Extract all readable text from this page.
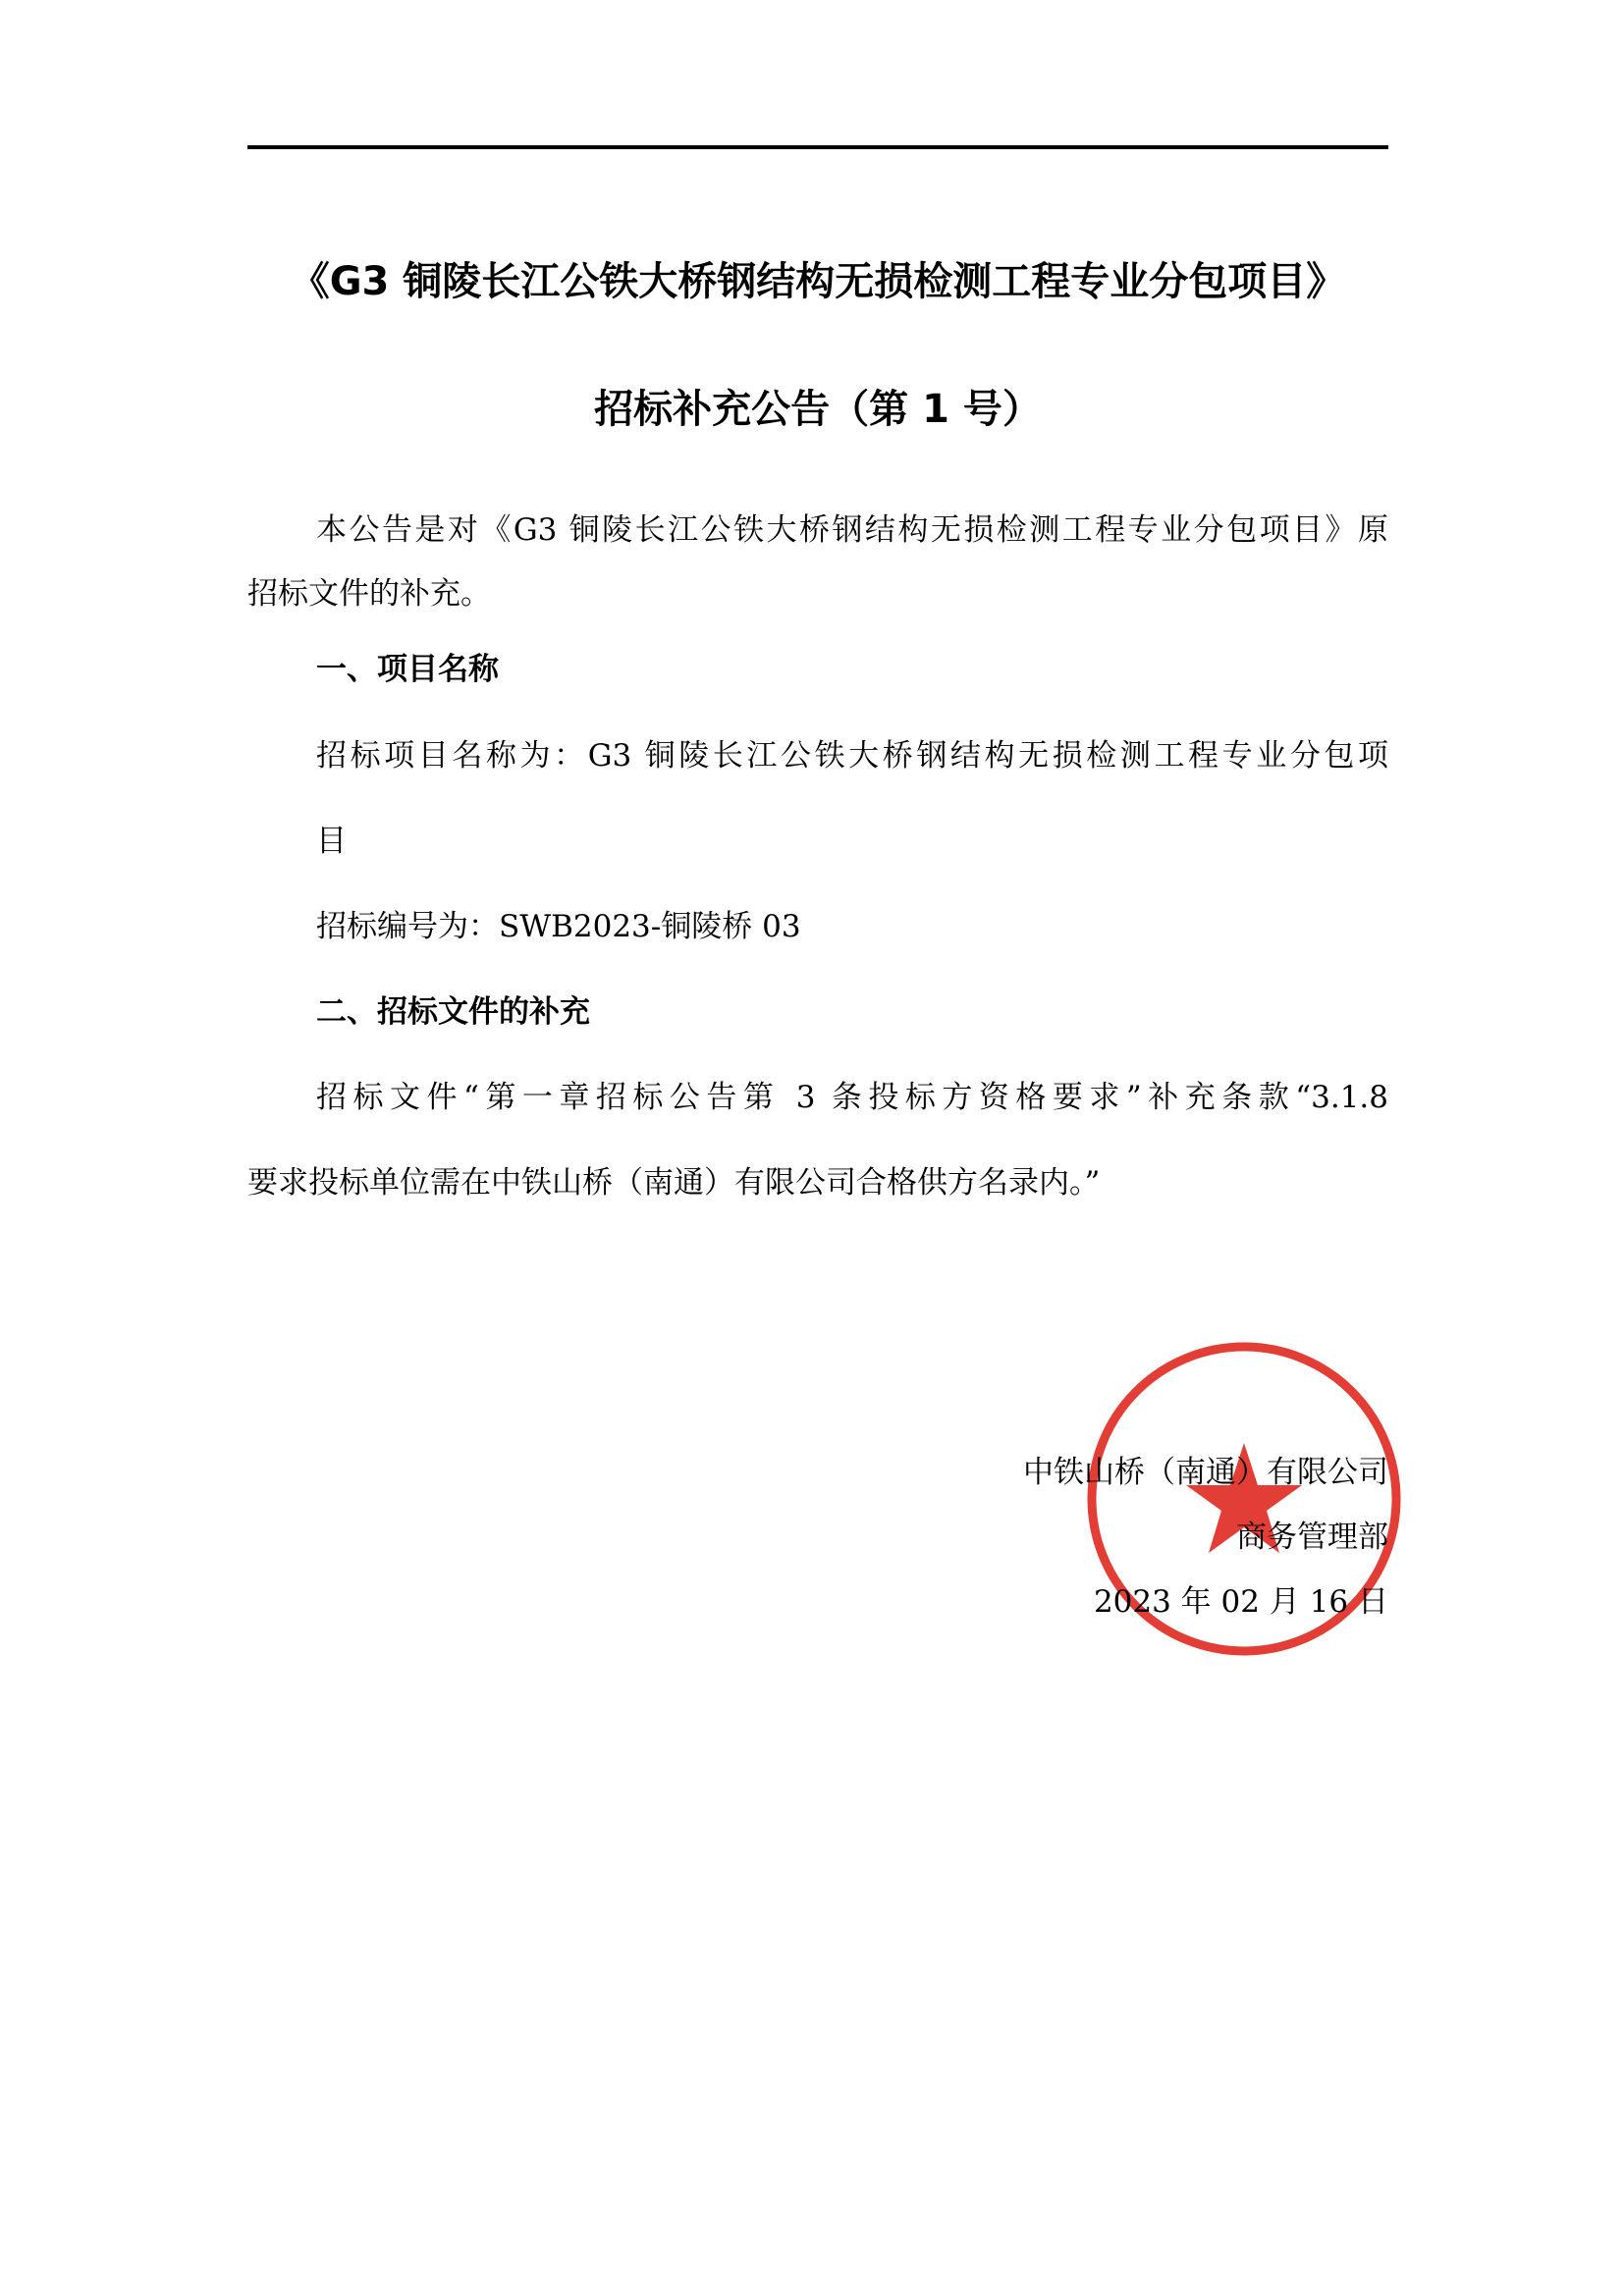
《G3 铜陵长江公铁大桥钢结构无损检测工程专业分包项目》
招标补充公告（第 1 号）
本公告是对《G3 铜陵长江公铁大桥钢结构无损检测工程专业分包项目》原
招标文件的补充。
一、项目名称
招标项目名称为：G3 铜陵长江公铁大桥钢结构无损检测工程专业分包项
目
招标编号为：SWB2023-铜陵桥 03
二、招标文件的补充
招标文件“第一章招标公告第 3 条投标方资格要求”补充条款“3.1.8
要求投标单位需在中铁山桥（南通）有限公司合格供方名录内。”
中铁山桥（南通）有限公司
商务管理部
2023 年 02 月 16 日
